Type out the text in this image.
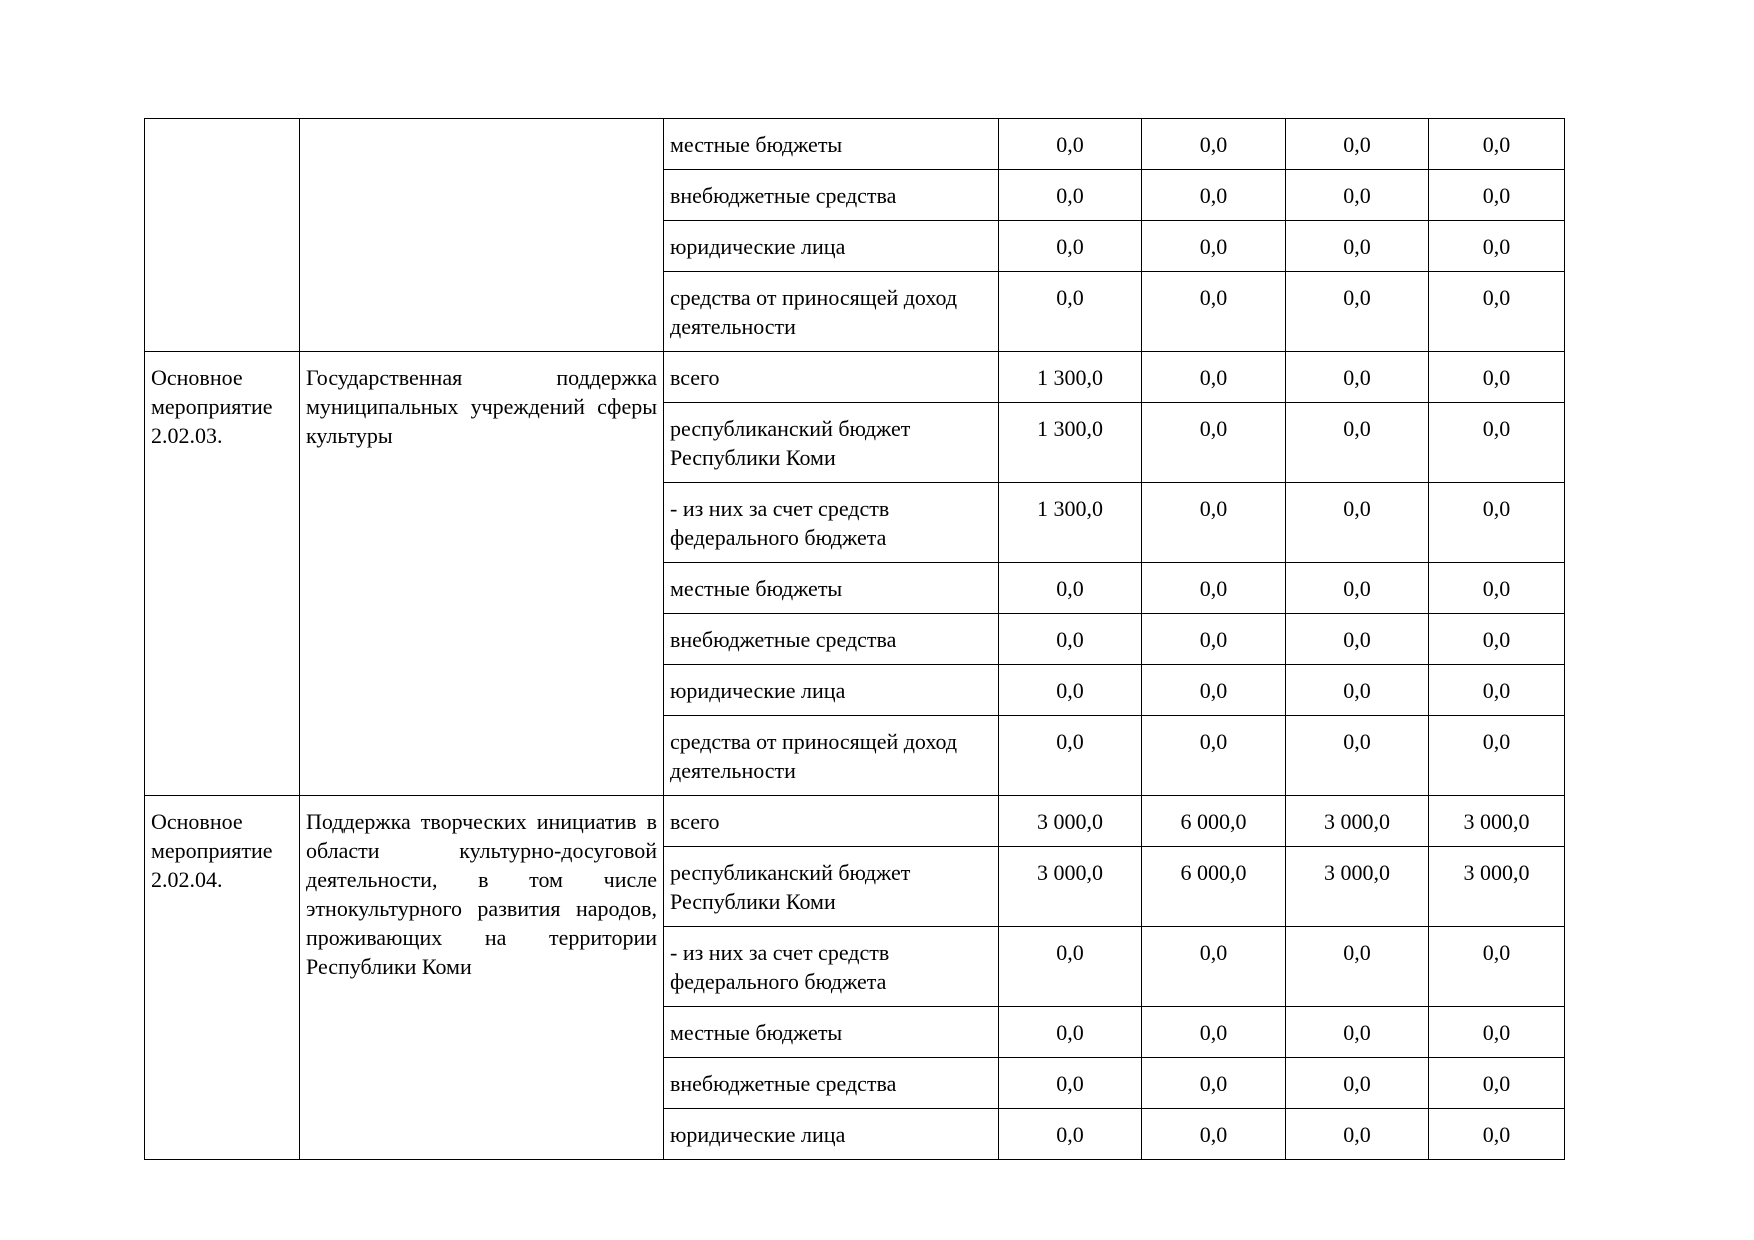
		местные бюджеты	0,0	0,0	0,0	0,0
		внебюджетные средства	0,0	0,0	0,0	0,0
		юридические лица	0,0	0,0	0,0	0,0
		средства от приносящей доход деятельности	0,0	0,0	0,0	0,0
Основное мероприятие 2.02.03.	Государственная поддержка муниципальных учреждений сферы культуры	всего	1 300,0	0,0	0,0	0,0
		республиканский бюджет Республики Коми	1 300,0	0,0	0,0	0,0
		- из них за счет средств федерального бюджета	1 300,0	0,0	0,0	0,0
		местные бюджеты	0,0	0,0	0,0	0,0
		внебюджетные средства	0,0	0,0	0,0	0,0
		юридические лица	0,0	0,0	0,0	0,0
		средства от приносящей доход деятельности	0,0	0,0	0,0	0,0
Основное мероприятие 2.02.04.	Поддержка творческих инициатив в области культурно-досуговой деятельности, в том числе этнокультурного развития народов, проживающих на территории Республики Коми	всего	3 000,0	6 000,0	3 000,0	3 000,0
		республиканский бюджет Республики Коми	3 000,0	6 000,0	3 000,0	3 000,0
		- из них за счет средств федерального бюджета	0,0	0,0	0,0	0,0
		местные бюджеты	0,0	0,0	0,0	0,0
		внебюджетные средства	0,0	0,0	0,0	0,0
		юридические лица	0,0	0,0	0,0	0,0
